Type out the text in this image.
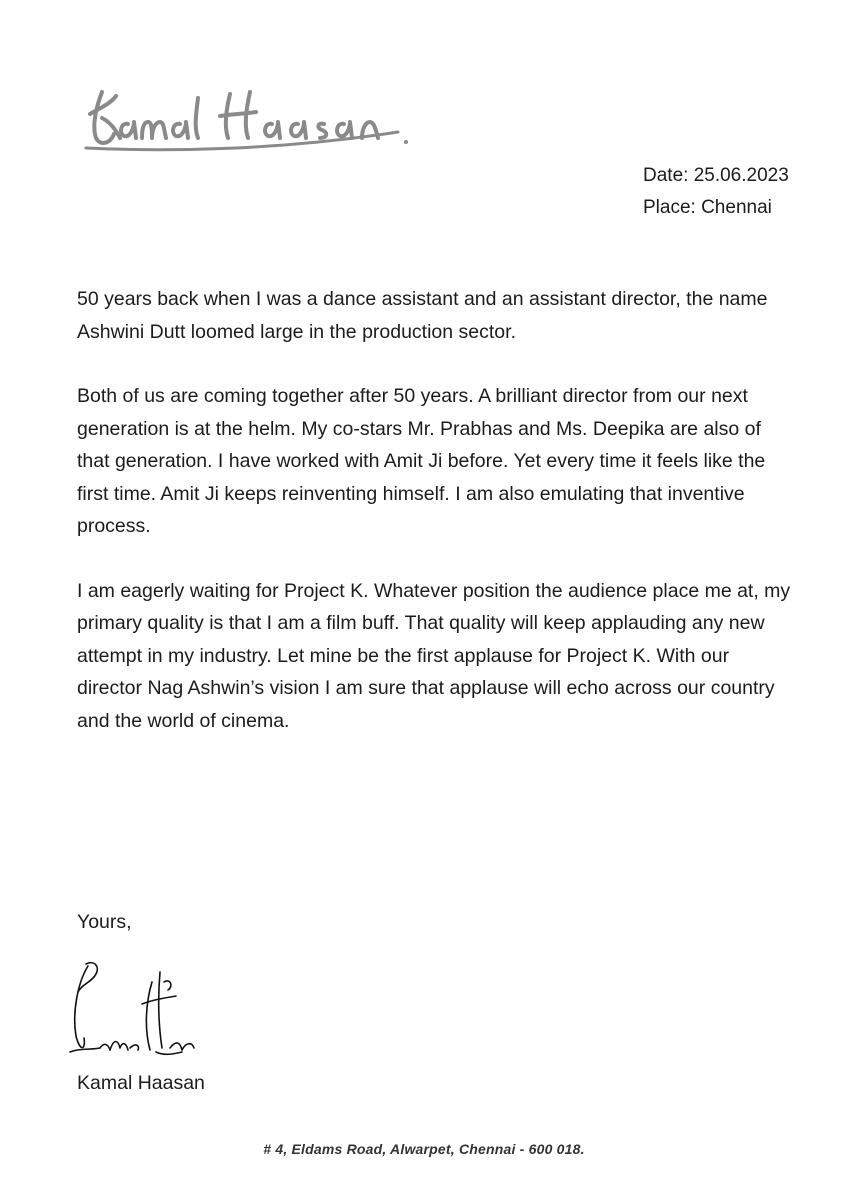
Date: 25.06.2023
Place: Chennai

50 years back when I was a dance assistant and an assistant director, the name Ashwini Dutt loomed large in the production sector.

Both of us are coming together after 50 years. A brilliant director from our next generation is at the helm. My co-stars Mr. Prabhas and Ms. Deepika are also of that generation. I have worked with Amit Ji before. Yet every time it feels like the first time. Amit Ji keeps reinventing himself. I am also emulating that inventive process.

I am eagerly waiting for Project K. Whatever position the audience place me at, my primary quality is that I am a film buff. That quality will keep applauding any new attempt in my industry. Let mine be the first applause for Project K. With our director Nag Ashwin’s vision I am sure that applause will echo across our country and the world of cinema.

Yours,
Kamal Haasan
# 4, Eldams Road, Alwarpet, Chennai - 600 018.
